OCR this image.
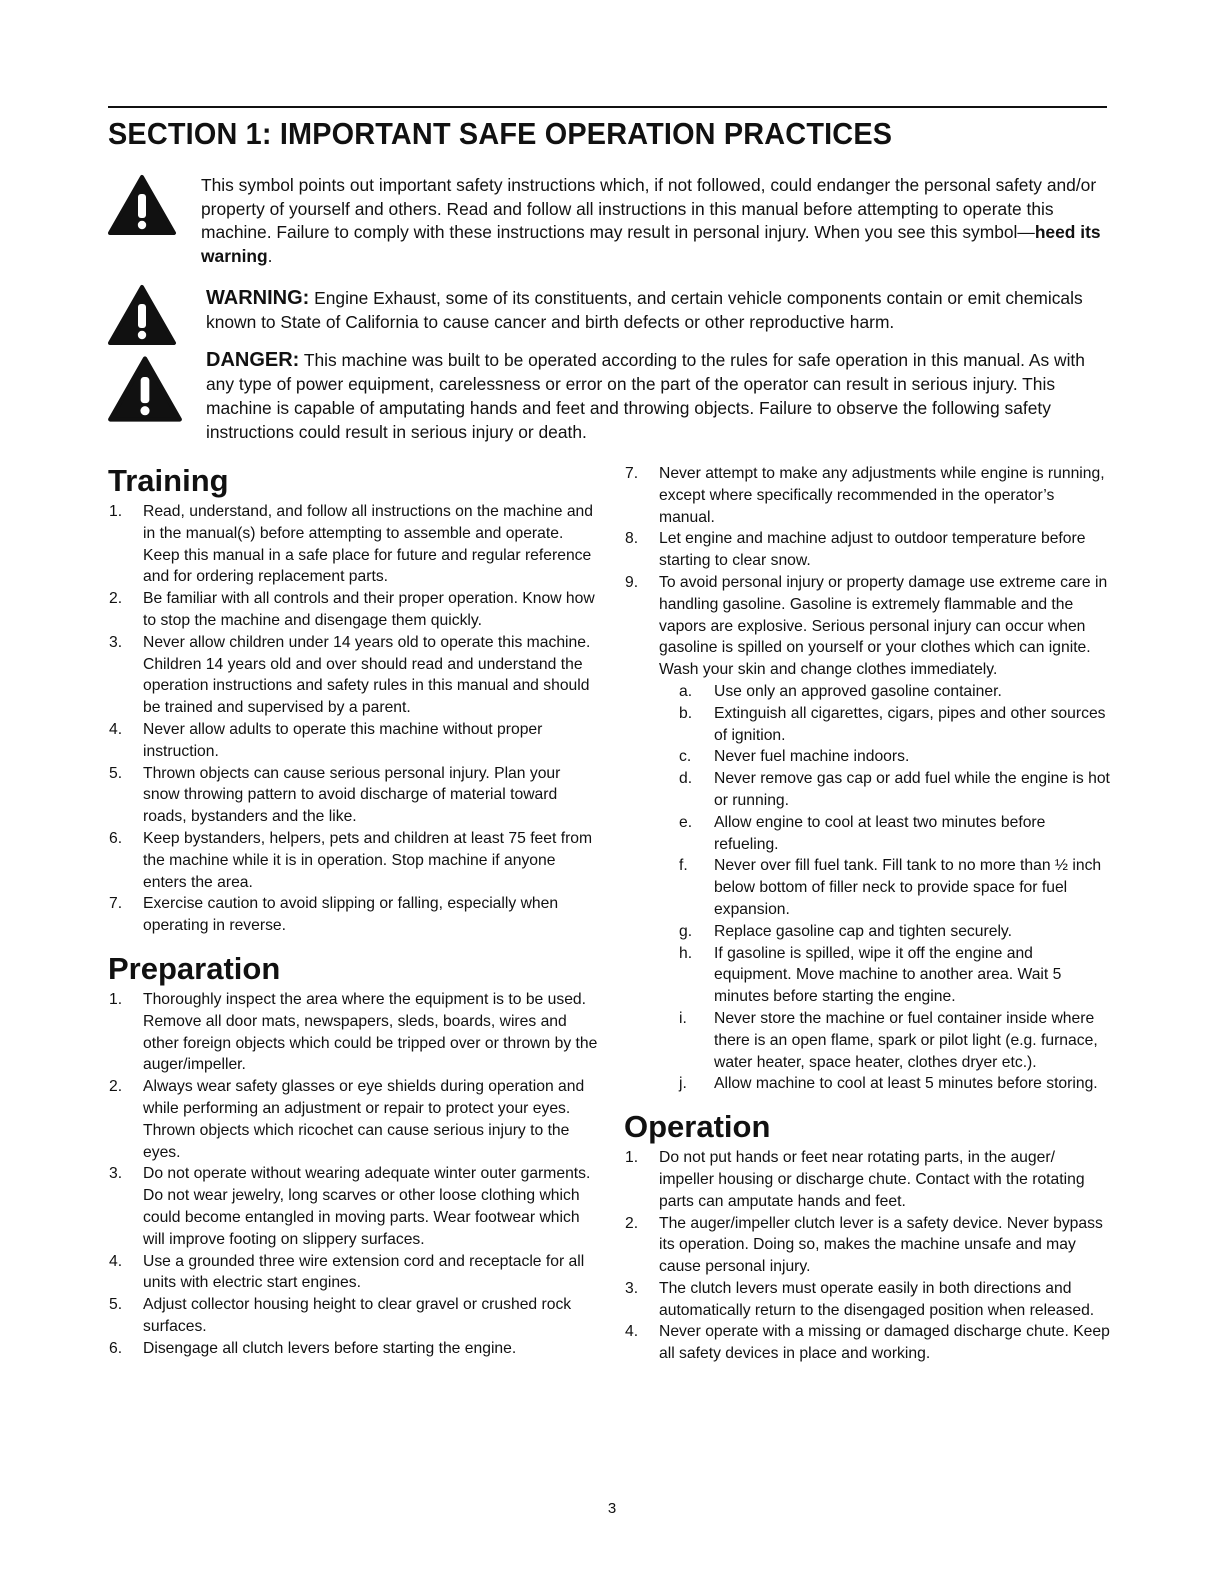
SECTION 1: IMPORTANT SAFE OPERATION PRACTICES

This symbol points out important safety instructions which, if not followed, could endanger the personal safety and/or property of yourself and others. Read and follow all instructions in this manual before attempting to operate this machine. Failure to comply with these instructions may result in personal injury. When you see this symbol—heed its warning.

WARNING: Engine Exhaust, some of its constituents, and certain vehicle components contain or emit chemicals known to State of California to cause cancer and birth defects or other reproductive harm.

DANGER: This machine was built to be operated according to the rules for safe operation in this manual. As with any type of power equipment, carelessness or error on the part of the operator can result in serious injury. This machine is capable of amputating hands and feet and throwing objects. Failure to observe the following safety instructions could result in serious injury or death.

Training
1. Read, understand, and follow all instructions on the machine and in the manual(s) before attempting to assemble and operate. Keep this manual in a safe place for future and regular reference and for ordering replacement parts.
2. Be familiar with all controls and their proper operation. Know how to stop the machine and disengage them quickly.
3. Never allow children under 14 years old to operate this machine. Children 14 years old and over should read and understand the operation instructions and safety rules in this manual and should be trained and supervised by a parent.
4. Never allow adults to operate this machine without proper instruction.
5. Thrown objects can cause serious personal injury. Plan your snow throwing pattern to avoid discharge of material toward roads, bystanders and the like.
6. Keep bystanders, helpers, pets and children at least 75 feet from the machine while it is in operation. Stop machine if anyone enters the area.
7. Exercise caution to avoid slipping or falling, especially when operating in reverse.
Preparation
1. Thoroughly inspect the area where the equipment is to be used. Remove all door mats, newspapers, sleds, boards, wires and other foreign objects which could be tripped over or thrown by the auger/impeller.
2. Always wear safety glasses or eye shields during operation and while performing an adjustment or repair to protect your eyes. Thrown objects which ricochet can cause serious injury to the eyes.
3. Do not operate without wearing adequate winter outer garments. Do not wear jewelry, long scarves or other loose clothing which could become entangled in moving parts. Wear footwear which will improve footing on slippery surfaces.
4. Use a grounded three wire extension cord and receptacle for all units with electric start engines.
5. Adjust collector housing height to clear gravel or crushed rock surfaces.
6. Disengage all clutch levers before starting the engine.
7. Never attempt to make any adjustments while engine is running, except where specifically recommended in the operator’s manual.
8. Let engine and machine adjust to outdoor temperature before starting to clear snow.
9. To avoid personal injury or property damage use extreme care in handling gasoline. Gasoline is extremely flammable and the vapors are explosive. Serious personal injury can occur when gasoline is spilled on yourself or your clothes which can ignite. Wash your skin and change clothes immediately.
a. Use only an approved gasoline container.
b. Extinguish all cigarettes, cigars, pipes and other sources of ignition.
c. Never fuel machine indoors.
d. Never remove gas cap or add fuel while the engine is hot or running.
e. Allow engine to cool at least two minutes before refueling.
f. Never over fill fuel tank. Fill tank to no more than ½ inch below bottom of filler neck to provide space for fuel expansion.
g. Replace gasoline cap and tighten securely.
h. If gasoline is spilled, wipe it off the engine and equipment. Move machine to another area. Wait 5 minutes before starting the engine.
i. Never store the machine or fuel container inside where there is an open flame, spark or pilot light (e.g. furnace, water heater, space heater, clothes dryer etc.).
j. Allow machine to cool at least 5 minutes before storing.
Operation
1. Do not put hands or feet near rotating parts, in the auger/ impeller housing or discharge chute. Contact with the rotating parts can amputate hands and feet.
2. The auger/impeller clutch lever is a safety device. Never bypass its operation. Doing so, makes the machine unsafe and may cause personal injury.
3. The clutch levers must operate easily in both directions and automatically return to the disengaged position when released.
4. Never operate with a missing or damaged discharge chute. Keep all safety devices in place and working.
3
